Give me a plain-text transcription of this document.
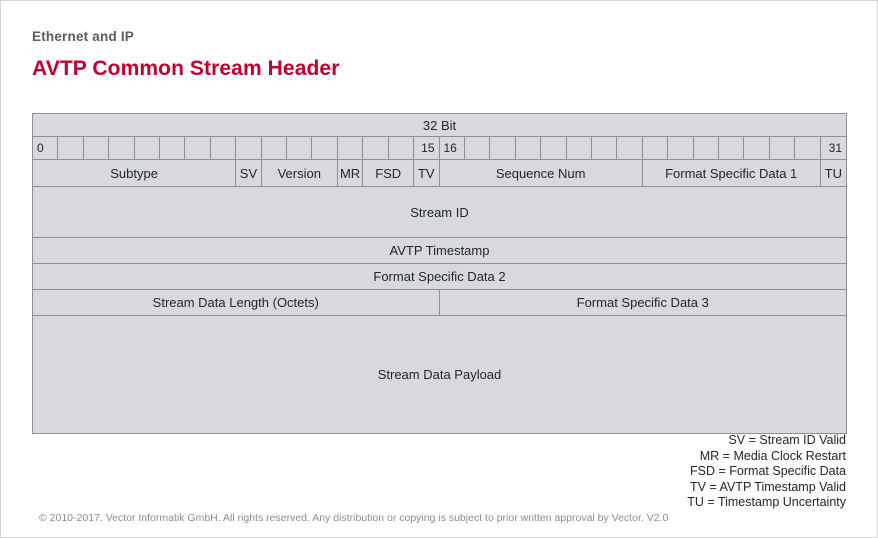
Ethernet and IP
AVTP Common Stream Header
32 Bit
0	15 16	31
Subtype	SV	Version	MR	FSD	TV	Sequence Num	Format Specific Data 1	TU
Stream ID
AVTP Timestamp
Format Specific Data 2
Stream Data Length (Octets)	Format Specific Data 3
Stream Data Payload
SV = Stream ID Valid
MR = Media Clock Restart
FSD = Format Specific Data
TV = AVTP Timestamp Valid
TU = Timestamp Uncertainty
© 2010-2017. Vector Informatik GmbH. All rights reserved. Any distribution or copying is subject to prior written approval by Vector. V2.0
